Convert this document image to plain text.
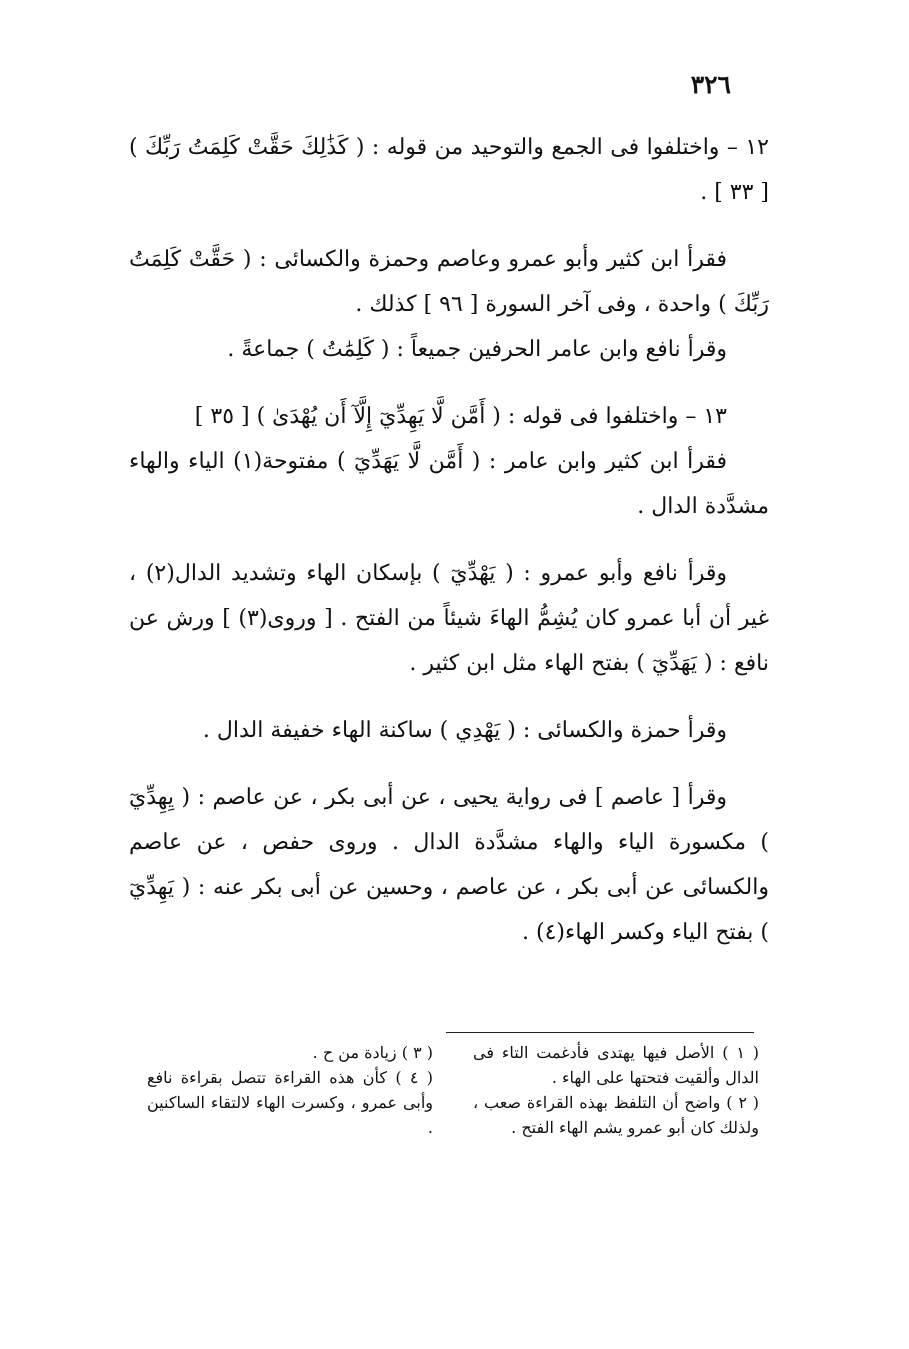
٣٢٦

١٢ – واختلفوا فى الجمع والتوحيد من قوله : ( كَذَٰلِكَ حَقَّتْ كَلِمَتُ رَبِّكَ ) [ ٣٣ ] .

فقرأ ابن كثير وأبو عمرو وعاصم وحمزة والكسائى : ( حَقَّتْ كَلِمَتُ رَبِّكَ ) واحدة ، وفى آخر السورة [ ٩٦ ] كذلك .

وقرأ نافع وابن عامر الحرفين جميعاً : ( كَلِمَٰتُ ) جماعةً .

١٣ – واختلفوا فى قوله : ( أَمَّن لَّا يَهِدِّيٓ إِلَّآ أَن يُهْدَىٰ ) [ ٣٥ ]

فقرأ ابن كثير وابن عامر : ( أَمَّن لَّا يَهَدِّيٓ ) مفتوحة(١) الياء والهاء مشدَّدة الدال .

وقرأ نافع وأبو عمرو : ( يَهْدِّيٓ ) بإسكان الهاء وتشديد الدال(٢) ، غير أن أبا عمرو كان يُشِمُّ الهاءَ شيئاً من الفتح . [ وروى(٣) ] ورش عن نافع : ( يَهَدِّيٓ ) بفتح الهاء مثل ابن كثير .

وقرأ حمزة والكسائى : ( يَهْدِي ) ساكنة الهاء خفيفة الدال .

وقرأ [ عاصم ] فى رواية يحيى ، عن أبى بكر ، عن عاصم : ( يِهِدِّيٓ ) مكسورة الياء والهاء مشدَّدة الدال . وروى حفص ، عن عاصم والكسائى عن أبى بكر ، عن عاصم ، وحسين عن أبى بكر عنه : ( يَهِدِّيٓ ) بفتح الياء وكسر الهاء(٤) .

( ١ ) الأصل فيها يهتدى فأدغمت التاء فى الدال وألقيت فتحتها على الهاء .

( ٢ ) واضح أن التلفظ بهذه القراءة صعب ، ولذلك كان أبو عمرو يشم الهاء الفتح .

( ٣ ) زيادة من ح .

( ٤ ) كأن هذه القراءة تتصل بقراءة نافع وأبى عمرو ، وكسرت الهاء لالتقاء الساكنين .
